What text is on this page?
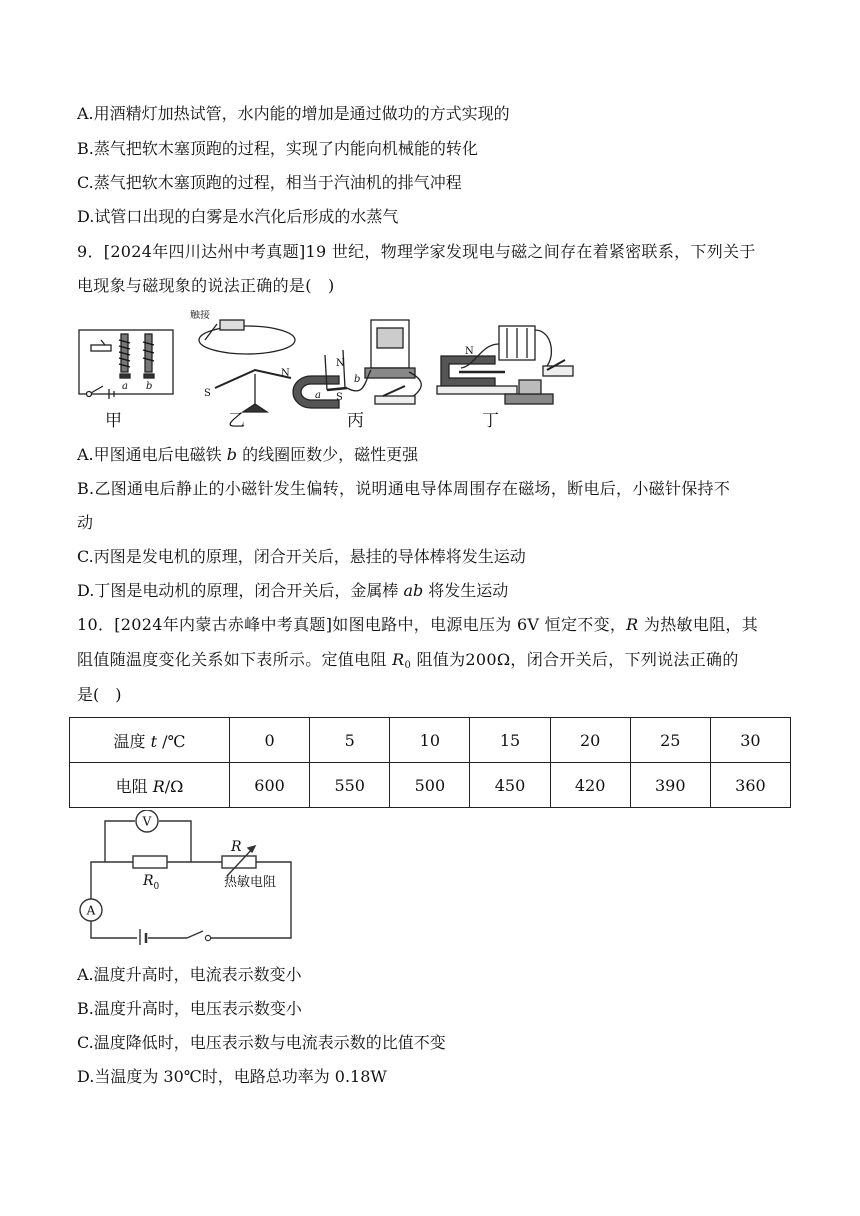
A.用酒精灯加热试管，水内能的增加是通过做功的方式实现的
B.蒸气把软木塞顶跑的过程，实现了内能向机械能的转化
C.蒸气把软木塞顶跑的过程，相当于汽油机的排气冲程
D.试管口出现的白雾是水汽化后形成的水蒸气
9．[2024年四川达州中考真题]19 世纪，物理学家发现电与磁之间存在着紧密联系，下列关于
电现象与磁现象的说法正确的是(　)
触接
N
S
N
S
a
b
N
a b
甲	乙	丙	丁
A.甲图通电后电磁铁 b 的线圈匝数少，磁性更强
B.乙图通电后静止的小磁针发生偏转，说明通电导体周围存在磁场，断电后，小磁针保持不
动
C.丙图是发电机的原理，闭合开关后，悬挂的导体棒将发生运动
D.丁图是电动机的原理，闭合开关后，金属棒 ab 将发生运动
10．[2024年内蒙古赤峰中考真题]如图电路中，电源电压为 6V 恒定不变，R 为热敏电阻，其
阻值随温度变化关系如下表所示。定值电阻 $R_0$ 阻值为200Ω，闭合开关后，下列说法正确的
是(　)
温度 t /℃	0	5	10	15	20	25	30
电阻 R/Ω	600	550	500	450	420	390	360
V
A
R
$R_0$	热敏电阻
A.温度升高时，电流表示数变小
B.温度升高时，电压表示数变小
C.温度降低时，电压表示数与电流表示数的比值不变
D.当温度为 30℃时，电路总功率为 0.18W
